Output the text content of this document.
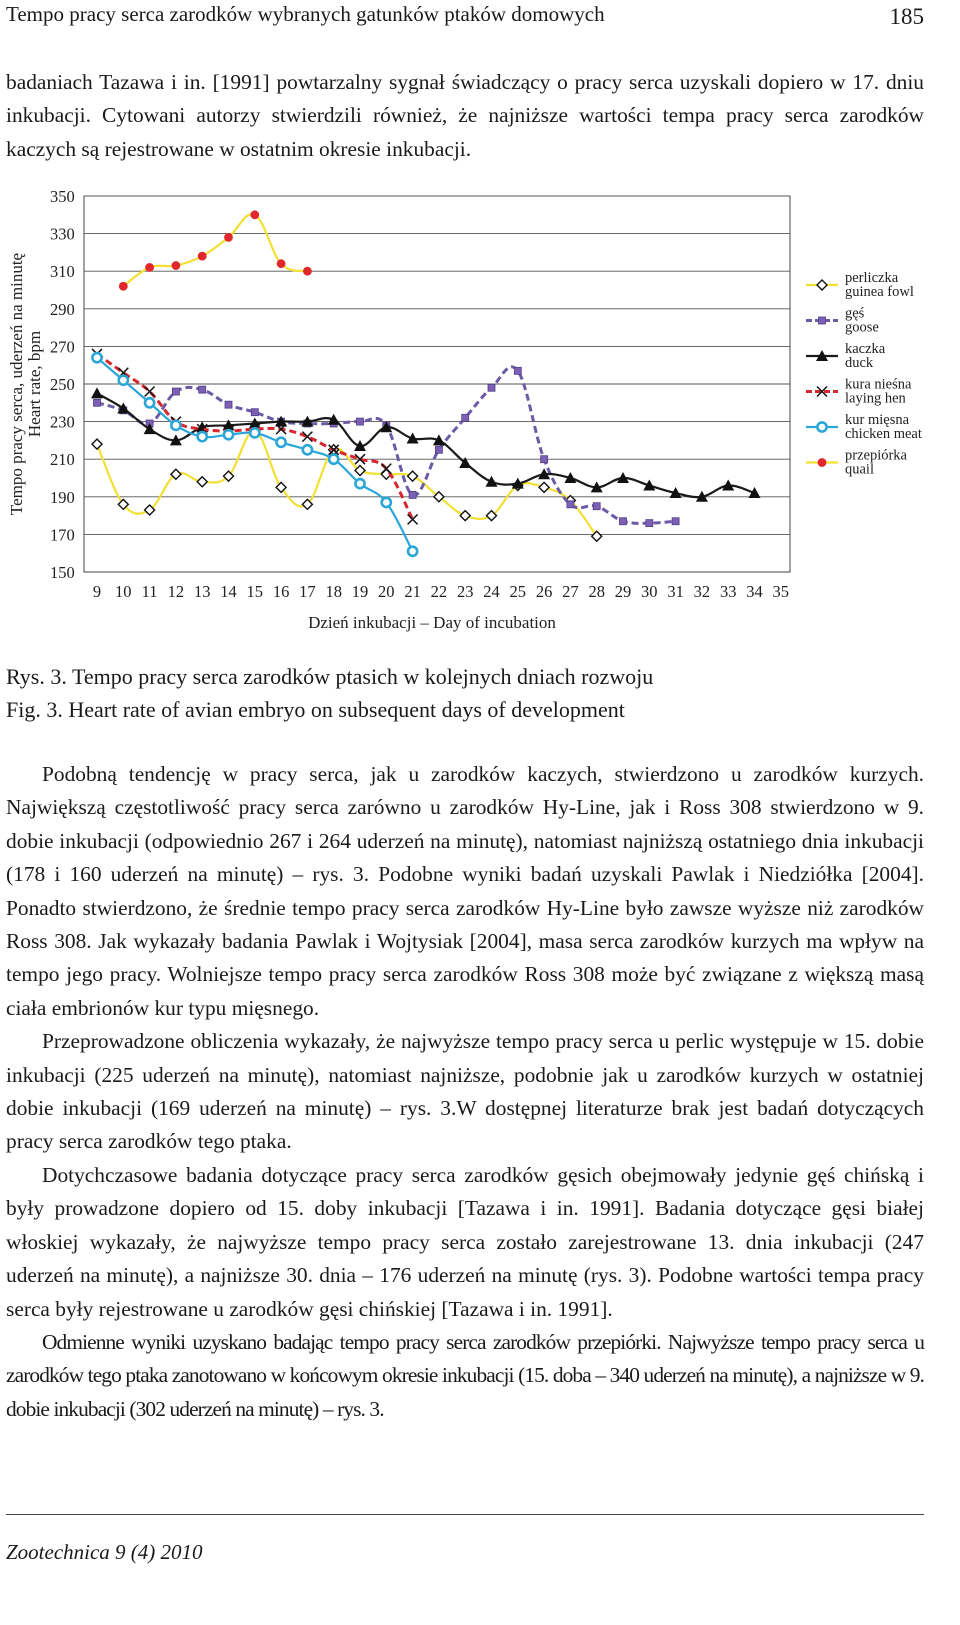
Tempo pracy serca zarodków wybranych gatunków ptaków domowych	185

badaniach Tazawa i in. [1991] powtarzalny sygnał świadczący o pracy serca uzyskali dopiero w 17. dniu inkubacji. Cytowani autorzy stwierdzili również, że najniższe wartości tempa pracy serca zarodków kaczych są rejestrowane w ostatnim okresie inkubacji.

150
170
190
210
230
250
270
290
310
330
350
9 10 11 12 13 14 15 16 17 18 19 20 21 22 23 24 25 26 27 28 29 30 31 32 33 34 35
Dzień inkubacji – Day of incubation
Tempo pracy serca, uderzeń na minutę Heart rate, bpm
perliczka
guinea fowl
gęś
goose
kaczka
duck
kura nieśna
laying hen
kur mięsna
chicken meat
przepiórka
quail
Rys. 3. Tempo pracy serca zarodków ptasich w kolejnych dniach rozwoju
Fig. 3. Heart rate of avian embryo on subsequent days of development

Podobną tendencję w pracy serca, jak u zarodków kaczych, stwierdzono u zarodków kurzych. Największą częstotliwość pracy serca zarówno u zarodków Hy-Line, jak i Ross 308 stwierdzono w 9. dobie inkubacji (odpowiednio 267 i 264 uderzeń na minutę), natomiast najniższą ostatniego dnia inkubacji (178 i 160 uderzeń na minutę) – rys. 3. Podobne wyniki badań uzyskali Pawlak i Niedziółka [2004]. Ponadto stwierdzono, że średnie tempo pracy serca zarodków Hy-Line było zawsze wyższe niż zarodków Ross 308. Jak wykazały badania Pawlak i Wojtysiak [2004], masa serca zarodków kurzych ma wpływ na tempo jego pracy. Wolniejsze tempo pracy serca zarodków Ross 308 może być związane z większą masą ciała embrionów kur typu mięsnego.

Przeprowadzone obliczenia wykazały, że najwyższe tempo pracy serca u perlic występuje w 15. dobie inkubacji (225 uderzeń na minutę), natomiast najniższe, podobnie jak u zarodków kurzych w ostatniej dobie inkubacji (169 uderzeń na minutę) – rys. 3.W dostępnej literaturze brak jest badań dotyczących pracy serca zarodków tego ptaka.

Dotychczasowe badania dotyczące pracy serca zarodków gęsich obejmowały jedynie gęś chińską i były prowadzone dopiero od 15. doby inkubacji [Tazawa i in. 1991]. Badania dotyczące gęsi białej włoskiej wykazały, że najwyższe tempo pracy serca zostało zarejestrowane 13. dnia inkubacji (247 uderzeń na minutę), a najniższe 30. dnia – 176 uderzeń na minutę (rys. 3). Podobne wartości tempa pracy serca były rejestrowane u zarodków gęsi chińskiej [Tazawa i in. 1991].

Odmienne wyniki uzyskano badając tempo pracy serca zarodków przepiórki. Najwyższe tempo pracy serca u zarodków tego ptaka zanotowano w końcowym okresie inkubacji (15. doba – 340 uderzeń na minutę), a najniższe w 9. dobie inkubacji (302 uderzeń na minutę) – rys. 3.

Zootechnica 9 (4) 2010
